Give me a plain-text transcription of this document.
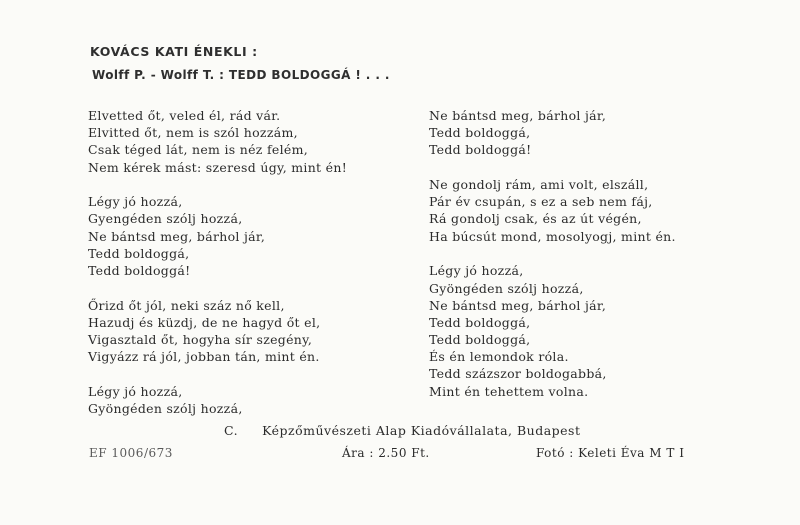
KOVÁCS KATI ÉNEKLI :
Wolff P. - Wolff T. : TEDD BOLDOGGÁ ! . . .
Elvetted őt, veled él, rád vár.
Elvitted őt, nem is szól hozzám,
Csak téged lát, nem is néz felém,
Nem kérek mást: szeresd úgy, mint én!
Légy jó hozzá,
Gyengéden szólj hozzá,
Ne bántsd meg, bárhol jár,
Tedd boldoggá,
Tedd boldoggá!
Őrizd őt jól, neki száz nő kell,
Hazudj és küzdj, de ne hagyd őt el,
Vigasztald őt, hogyha sír szegény,
Vigyázz rá jól, jobban tán, mint én.
Légy jó hozzá,
Gyöngéden szólj hozzá,
Ne bántsd meg, bárhol jár,
Tedd boldoggá,
Tedd boldoggá!
Ne gondolj rám, ami volt, elszáll,
Pár év csupán, s ez a seb nem fáj,
Rá gondolj csak, és az út végén,
Ha búcsút mond, mosolyogj, mint én.
Légy jó hozzá,
Gyöngéden szólj hozzá,
Ne bántsd meg, bárhol jár,
Tedd boldoggá,
Tedd boldoggá,
És én lemondok róla.
Tedd százszor boldogabbá,
Mint én tehettem volna.
C. Képzőművészeti Alap Kiadóvállalata, Budapest
EF 1006/673	Ára : 2.50 Ft.	Fotó : Keleti Éva M T I
